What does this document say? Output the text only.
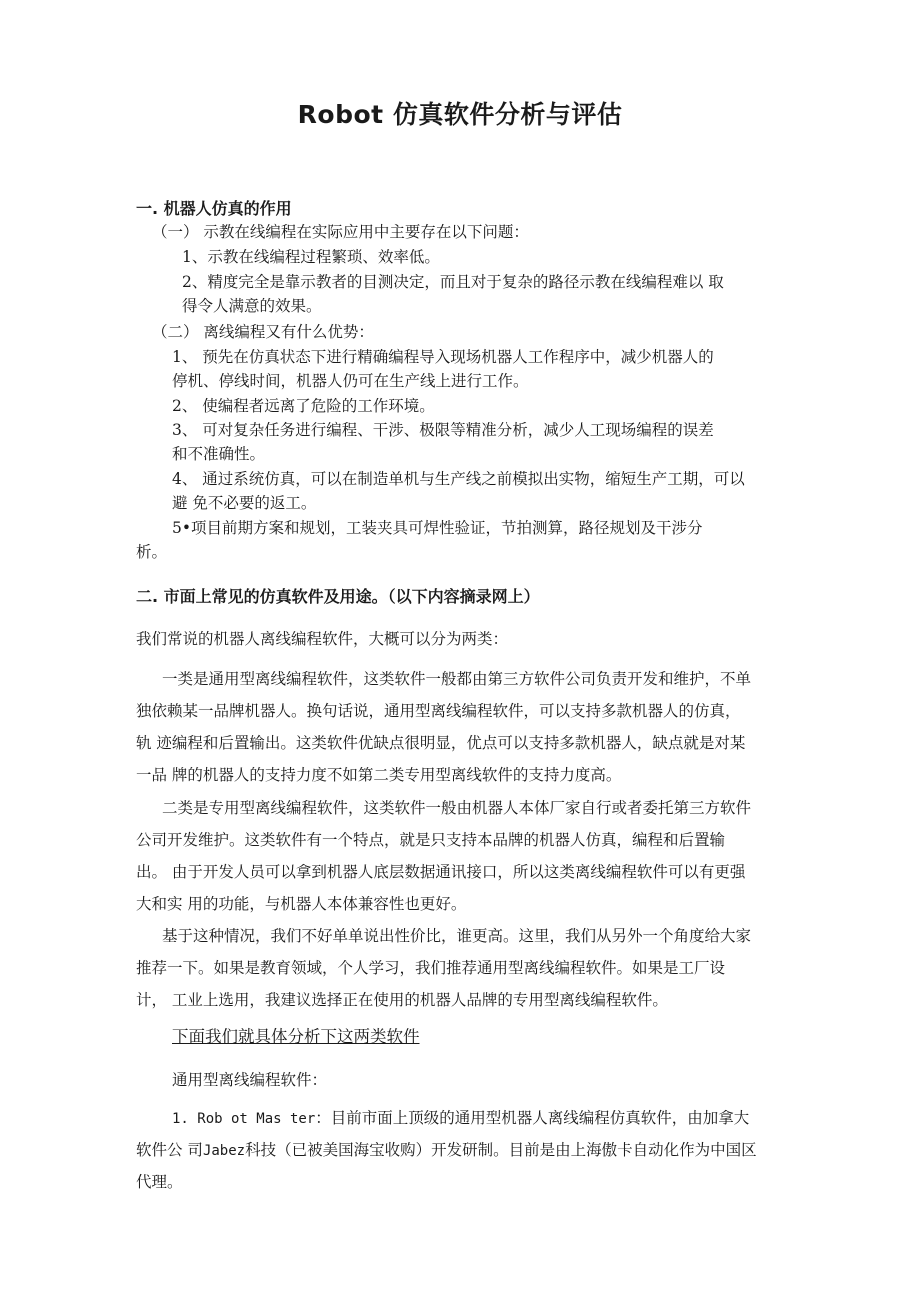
Robot 仿真软件分析与评估
一. 机器人仿真的作用
（一） 示教在线编程在实际应用中主要存在以下问题：
1、示教在线编程过程繁琐、效率低。
2、精度完全是靠示教者的目测决定，而且对于复杂的路径示教在线编程难以 取
得令人满意的效果。
（二） 离线编程又有什么优势：
1、 预先在仿真状态下进行精确编程导入现场机器人工作程序中，减少机器人的
停机、停线时间，机器人仍可在生产线上进行工作。
2、 使编程者远离了危险的工作环境。
3、 可对复杂任务进行编程、干涉、极限等精准分析，减少人工现场编程的误差
和不准确性。
4、 通过系统仿真，可以在制造单机与生产线之前模拟出实物，缩短生产工期，可以
避 免不必要的返工。
5•项目前期方案和规划，工装夹具可焊性验证，节拍测算，路径规划及干涉分
析。
二. 市面上常见的仿真软件及用途。（以下内容摘录网上）
我们常说的机器人离线编程软件，大概可以分为两类：
一类是通用型离线编程软件，这类软件一般都由第三方软件公司负责开发和维护，不单
独依赖某一品牌机器人。换句话说，通用型离线编程软件，可以支持多款机器人的仿真，
轨 迹编程和后置输出。这类软件优缺点很明显，优点可以支持多款机器人，缺点就是对某
一品 牌的机器人的支持力度不如第二类专用型离线软件的支持力度高。
二类是专用型离线编程软件，这类软件一般由机器人本体厂家自行或者委托第三方软件
公司开发维护。这类软件有一个特点，就是只支持本品牌的机器人仿真，编程和后置输
出。 由于开发人员可以拿到机器人底层数据通讯接口，所以这类离线编程软件可以有更强
大和实 用的功能，与机器人本体兼容性也更好。
基于这种情况，我们不好单单说出性价比，谁更高。这里，我们从另外一个角度给大家
推荐一下。如果是教育领域，个人学习，我们推荐通用型离线编程软件。如果是工厂设
计， 工业上选用，我建议选择正在使用的机器人品牌的专用型离线编程软件。
下面我们就具体分析下这两类软件
通用型离线编程软件：
1. Rob ot Mas ter：目前市面上顶级的通用型机器人离线编程仿真软件，由加拿大
软件公 司Jabez科技（已被美国海宝收购）开发研制。目前是由上海傲卡自动化作为中国区
代理。
